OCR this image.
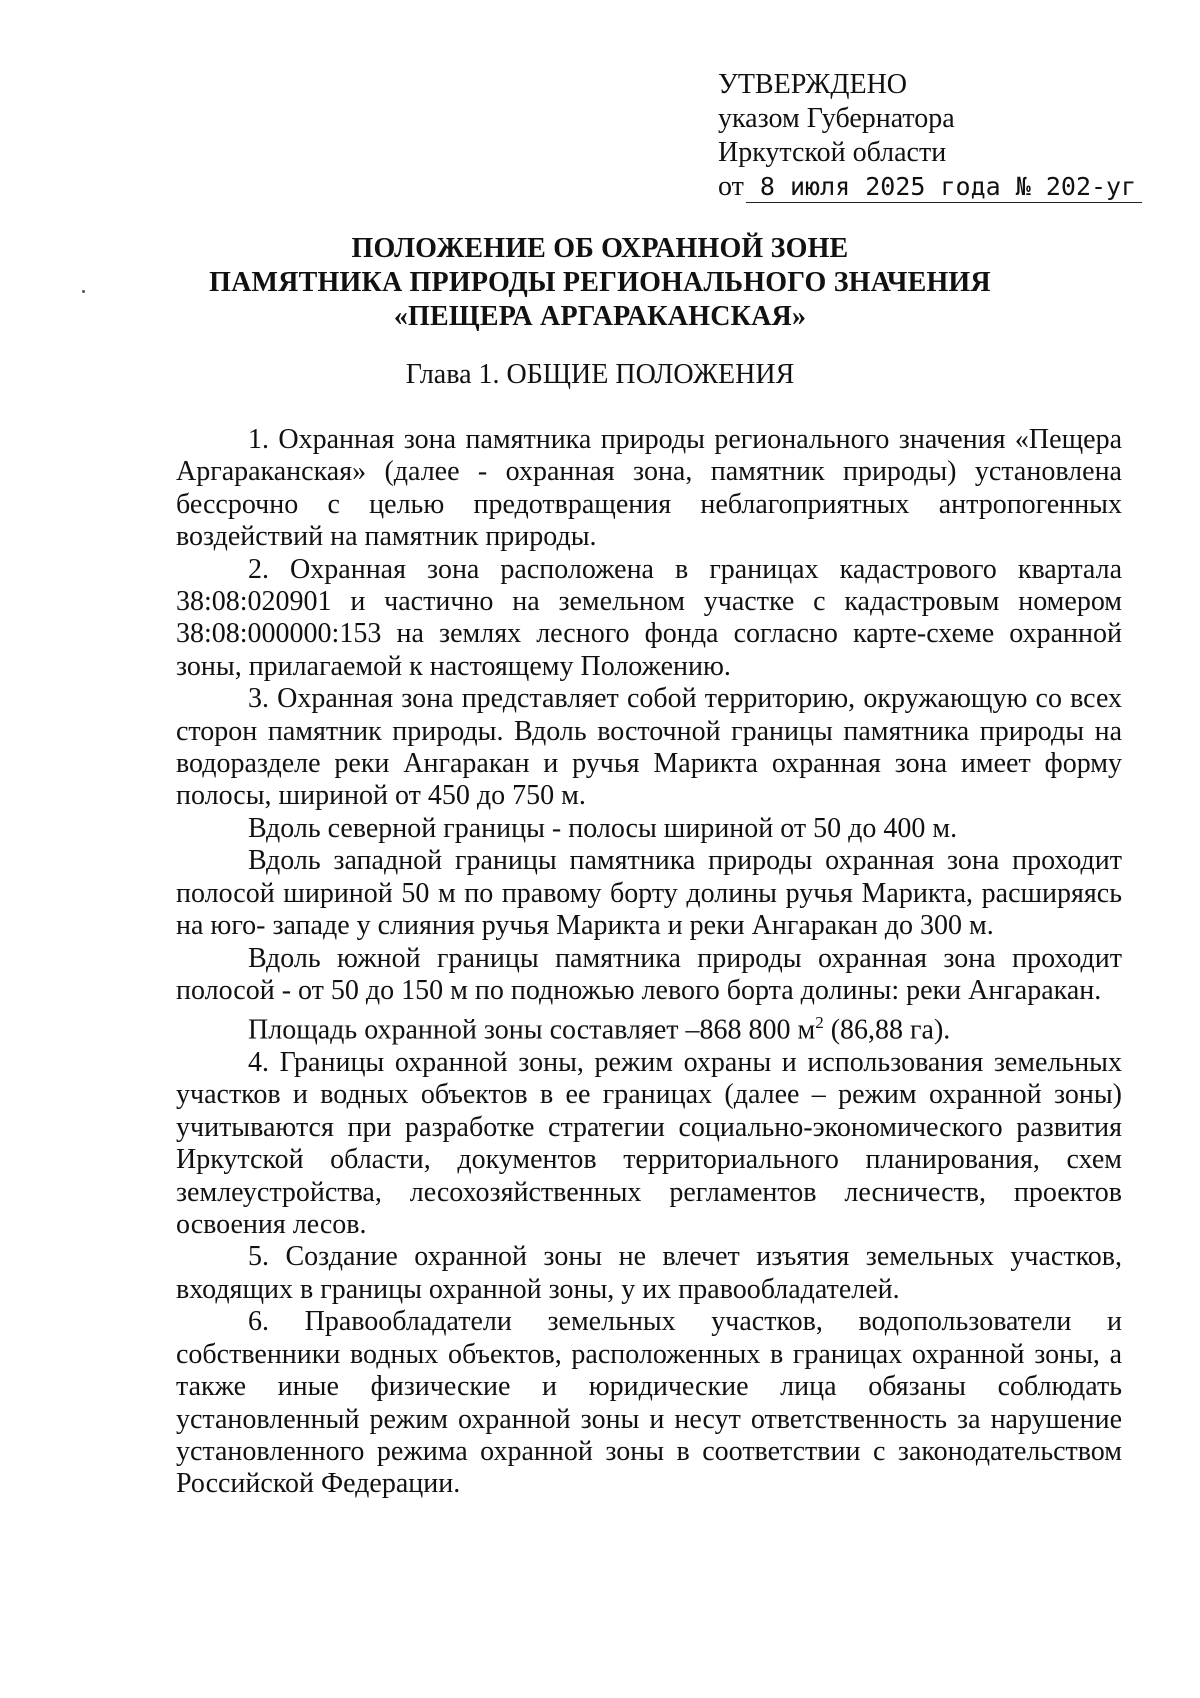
УТВЕРЖДЕНО
указом Губернатора
Иркутской области
от 8 июля 2025 года № 202-уг
ПОЛОЖЕНИЕ ОБ ОХРАННОЙ ЗОНЕ
ПАМЯТНИКА ПРИРОДЫ РЕГИОНАЛЬНОГО ЗНАЧЕНИЯ
«ПЕЩЕРА АРГАРАКАНСКАЯ»
Глава 1. ОБЩИЕ ПОЛОЖЕНИЯ

1. Охранная зона памятника природы регионального значения «Пещера Аргараканская» (далее - охранная зона, памятник природы) установлена бессрочно с целью предотвращения неблагоприятных антропогенных воздействий на памятник природы.

2. Охранная зона расположена в границах кадастрового квартала 38:08:020901 и частично на земельном участке с кадастровым номером 38:08:000000:153 на землях лесного фонда согласно карте-схеме охранной зоны, прилагаемой к настоящему Положению.

3. Охранная зона представляет собой территорию, окружающую со всех сторон памятник природы. Вдоль восточной границы памятника природы на водоразделе реки Ангаракан и ручья Марикта охранная зона имеет форму полосы, шириной от 450 до 750 м.

Вдоль северной границы - полосы шириной от 50 до 400 м.

Вдоль западной границы памятника природы охранная зона проходит полосой шириной 50 м по правому борту долины ручья Марикта, расширяясь на юго- западе у слияния ручья Марикта и реки Ангаракан до 300 м.

Вдоль южной границы памятника природы охранная зона проходит полосой - от 50 до 150 м по подножью левого борта долины: реки Ангаракан.

Площадь охранной зоны составляет –868 800 $м^2$ (86,88 га).

4. Границы охранной зоны, режим охраны и использования земельных участков и водных объектов в ее границах (далее – режим охранной зоны) учитываются при разработке стратегии социально-экономического развития Иркутской области, документов территориального планирования, схем землеустройства, лесохозяйственных регламентов лесничеств, проектов освоения лесов.

5. Создание охранной зоны не влечет изъятия земельных участков, входящих в границы охранной зоны, у их правообладателей.

6. Правообладатели земельных участков, водопользователи и собственники водных объектов, расположенных в границах охранной зоны, а также иные физические и юридические лица обязаны соблюдать установленный режим охранной зоны и несут ответственность за нарушение установленного режима охранной зоны в соответствии с законодательством Российской Федерации.
